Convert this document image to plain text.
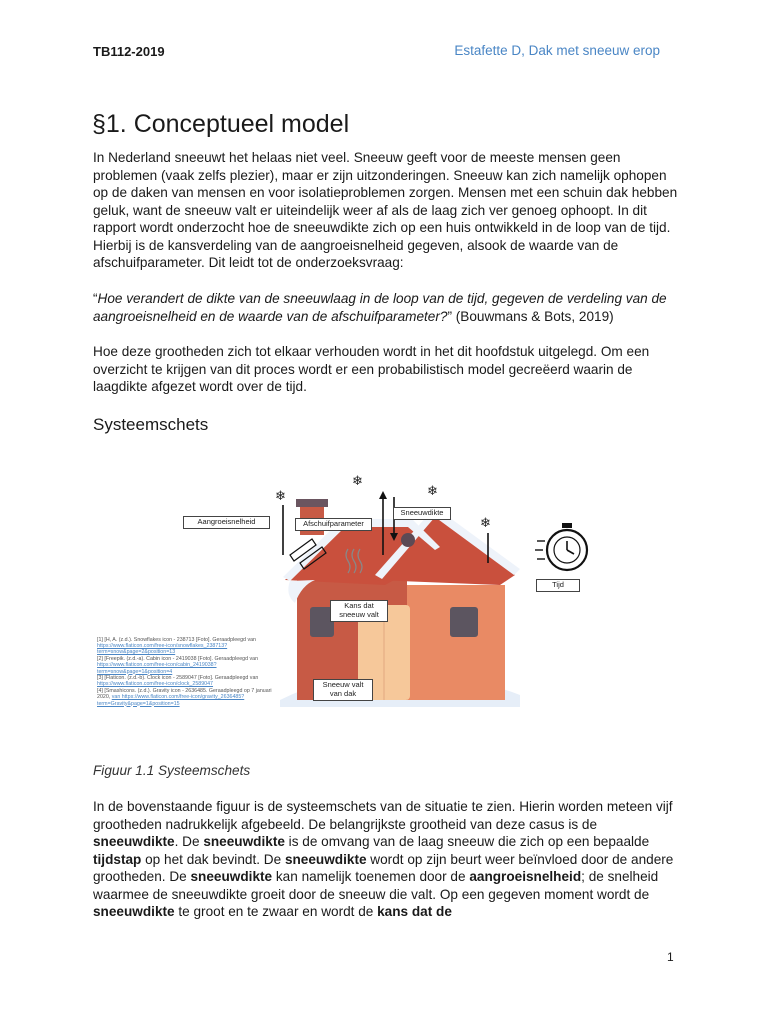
TB112-2019	Estafette D, Dak met sneeuw erop
§1. Conceptueel model
In Nederland sneeuwt het helaas niet veel. Sneeuw geeft voor de meeste mensen geen problemen (vaak zelfs plezier), maar er zijn uitzonderingen. Sneeuw kan zich namelijk ophopen op de daken van mensen en voor isolatieproblemen zorgen. Mensen met een schuin dak hebben geluk, want de sneeuw valt er uiteindelijk weer af als de laag zich ver genoeg ophoopt. In dit rapport wordt onderzocht hoe de sneeuwdikte zich op een huis ontwikkeld in de loop van de tijd. Hierbij is de kansverdeling van de aangroeisnelheid gegeven, alsook de waarde van de afschuifparameter. Dit leidt tot de onderzoeksvraag:
“Hoe verandert de dikte van de sneeuwlaag in de loop van de tijd, gegeven de verdeling van de aangroeisnelheid en de waarde van de afschuifparameter?” (Bouwmans & Bots, 2019)
Hoe deze grootheden zich tot elkaar verhouden wordt in het dit hoofdstuk uitgelegd. Om een overzicht te krijgen van dit proces wordt er een probabilistisch model gecreëerd waarin de laagdikte afgezet wordt over de tijd.
Systeemschets
❄
❄
❄
❄
Aangroeisnelheid	Afschuifparameter
Sneeuwdikte
Tijd
Kans dat
sneeuw valt
Sneeuw valt
van dak
[1] [H, A. (z.d.). Snowflakes icon - 238713 [Foto]. Geraadpleegd van https://www.flaticon.com/free-icon/snowflakes_238713?term=snow&page=2&position=13
[2] [Freepik. (z.d.-a). Cabin icon - 2419038 [Foto]. Geraadpleegd van https://www.flaticon.com/free-icon/cabin_2419038?term=snow&page=1&position=4
[3] [Flaticon. (z.d.-b). Clock icon - 2589047 [Foto]. Geraadpleegd van https://www.flaticon.com/free-icon/clock_2589047
[4] [Smashicons. (z.d.). Gravity icon - 2636485. Geraadpleegd op 7 januari 2020, van https://www.flaticon.com/free-icon/gravity_2636485?term=Gravity&page=1&position=15
Figuur 1.1 Systeemschets
In de bovenstaande figuur is de systeemschets van de situatie te zien. Hierin worden meteen vijf grootheden nadrukkelijk afgebeeld. De belangrijkste grootheid van deze casus is de sneeuwdikte. De sneeuwdikte is de omvang van de laag sneeuw die zich op een bepaalde tijdstap op het dak bevindt. De sneeuwdikte wordt op zijn beurt weer beïnvloed door de andere grootheden. De sneeuwdikte kan namelijk toenemen door de aangroeisnelheid; de snelheid waarmee de sneeuwdikte groeit door de sneeuw die valt. Op een gegeven moment wordt de sneeuwdikte te groot en te zwaar en wordt de kans dat de
1
